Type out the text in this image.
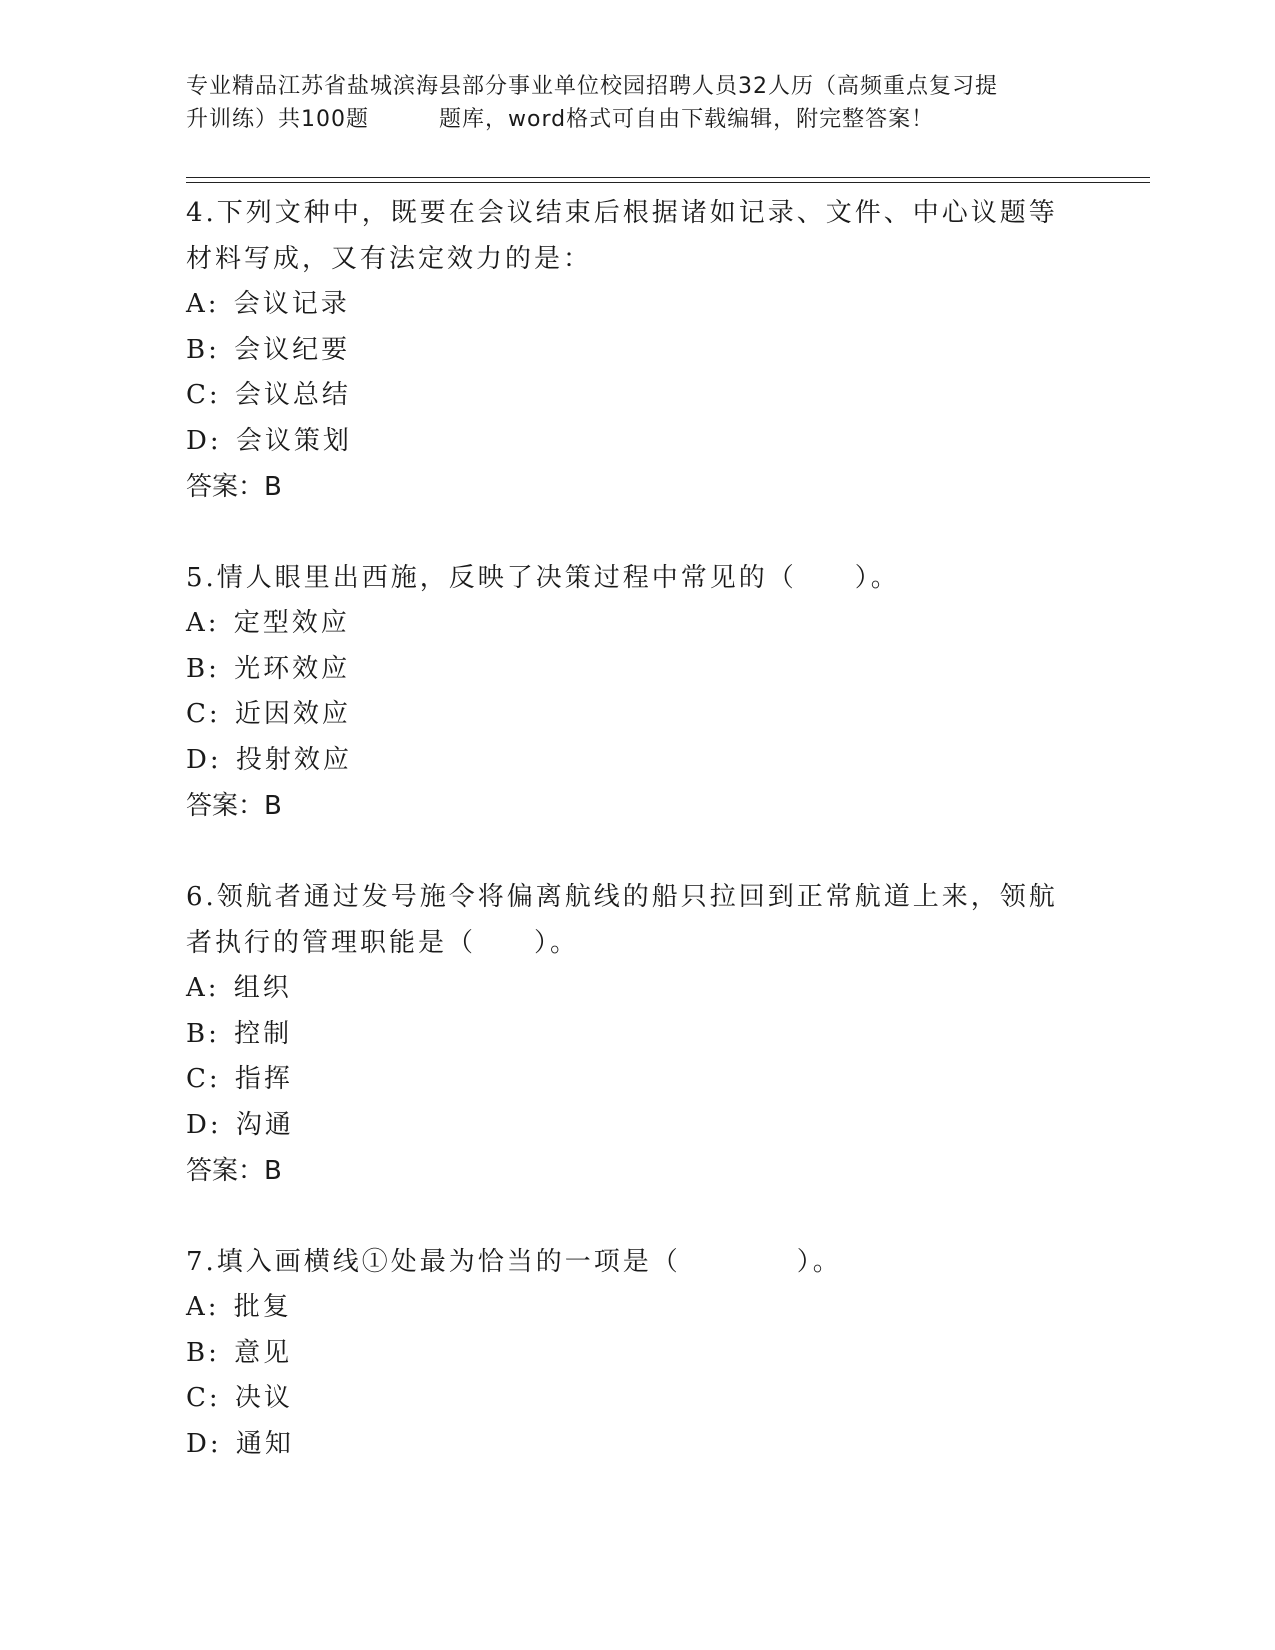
专业精品江苏省盐城滨海县部分事业单位校园招聘人员32人历（高频重点复习提
升训练）共100题	题库，word格式可自由下载编辑，附完整答案！

4.下列文种中，既要在会议结束后根据诸如记录、文件、中心议题等材料写成，又有法定效力的是：

A : 会议记录
B : 会议纪要
C : 会议总结
D : 会议策划
答案：B

5.情人眼里出西施，反映了决策过程中常见的（　　）。

A : 定型效应
B : 光环效应
C : 近因效应
D : 投射效应
答案：B

6.领航者通过发号施令将偏离航线的船只拉回到正常航道上来，领航者执行的管理职能是（　　）。

A : 组织
B : 控制
C : 指挥
D : 沟通
答案：B

7.填入画横线①处最为恰当的一项是（　　　　）。

A : 批复
B : 意见
C : 决议
D : 通知
